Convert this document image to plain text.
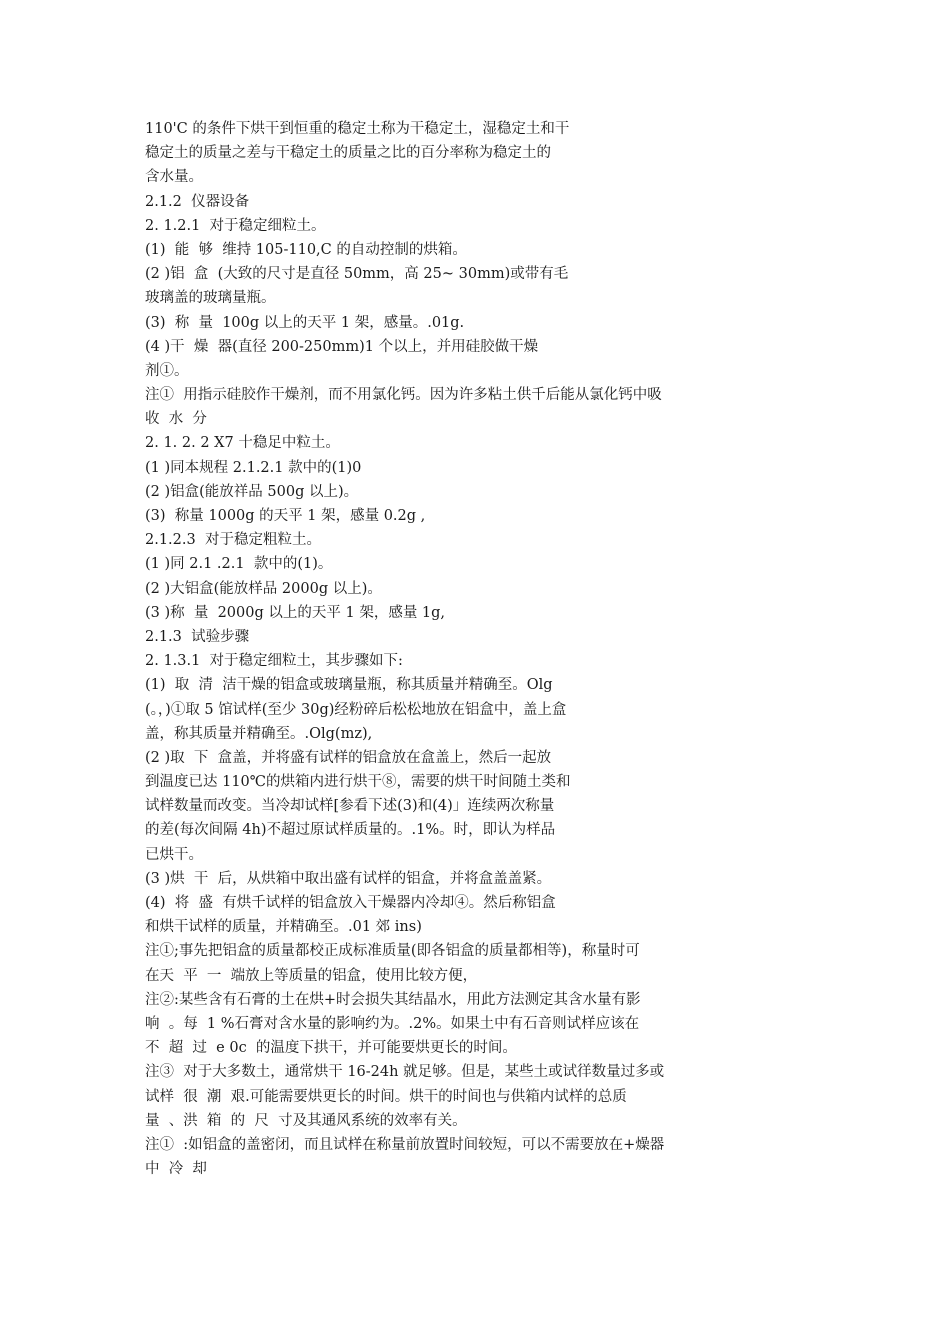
110'C 的条件下烘干到恒重的稳定土称为干稳定土，湿稳定土和干

稳定土的质量之差与干稳定土的质量之比的百分率称为稳定土的

含水量。

2.1.2  仪器设备

2. 1.2.1  对于稳定细粒土。

(1)  能  够  维持 105-110,C 的自动控制的烘箱。

(2 )铝  盒  (大致的尺寸是直径 50mm，高 25~ 30mm)或带有毛

玻璃盖的玻璃量瓶。

(3)  称  量  100g 以上的天平 1 架，感量。.01g.

(4 )干  燥  器(直径 200-250mm)1 个以上，并用硅胶做干燥

剂①。

注①  用指示硅胶作干燥剂，而不用氯化钙。因为许多粘土供千后能从氯化钙中吸

收  水  分

2. 1. 2. 2 X7 十稳足中粒土。

(1 )同本规程 2.1.2.1 款中的(1)0

(2 )铝盒(能放祥品 500g 以上)。

(3)  称量 1000g 的天平 1 架，感量 0.2g ,

2.1.2.3  对于稳定粗粒土。

(1 )同 2.1 .2.1  款中的(1)。

(2 )大铝盒(能放样品 2000g 以上)。

(3 )称  量  2000g 以上的天平 1 架，感量 1g,

2.1.3  试验步骤

2. 1.3.1  对于稳定细粒土，其步骤如下:

(1)  取  清  洁干燥的铝盒或玻璃量瓶，称其质量并精确至。Olg

(。，)①取 5 馆试样(至少 30g)经粉碎后松松地放在铝盒中，盖上盒

盖，称其质量并精确至。.Olg(mz),

(2 )取  下  盒盖，并将盛有试样的铝盒放在盒盖上，然后一起放

到温度已达 110℃的烘箱内进行烘干⑧，需要的烘干时间随土类和

试样数量而改变。当冷却试样[参看下述(3)和(4)」连续两次称量

的差(每次间隔 4h)不超过原试样质量的。.1%。时，即认为样品

已烘干。

(3 )烘  干  后，从烘箱中取出盛有试样的铝盒，并将盒盖盖紧。

(4)  将  盛  有烘千试样的铝盒放入干燥器内冷却④。然后称铝盒

和烘干试样的质量，并精确至。.01 郊 ins)

注①;事先把铝盒的质量都校正成标准质量(即各铝盒的质量都相等)，称量时可

在天  平  一  端放上等质量的铝盒，使用比较方便，

注②:某些含有石膏的土在烘+时会损失其结晶水，用此方法测定其含水量有影

响  。每  1 %石膏对含水量的影响约为。.2%。如果土中有石音则试样应该在

不  超  过  e 0c  的温度下拱干，并可能要烘更长的时间。

注③  对于大多数土，通常烘干 16-24h 就足够。但是，某些土或试徉数量过多或

试样  很  潮  艰.可能需要烘更长的时间。烘干的时间也与供箱内试样的总质

量  、洪  箱  的  尺  寸及其通风系统的效率有关。

注①  :如铝盒的盖密闭，而且试样在称量前放置时间较短，可以不需要放在+燥器

中  冷  却
